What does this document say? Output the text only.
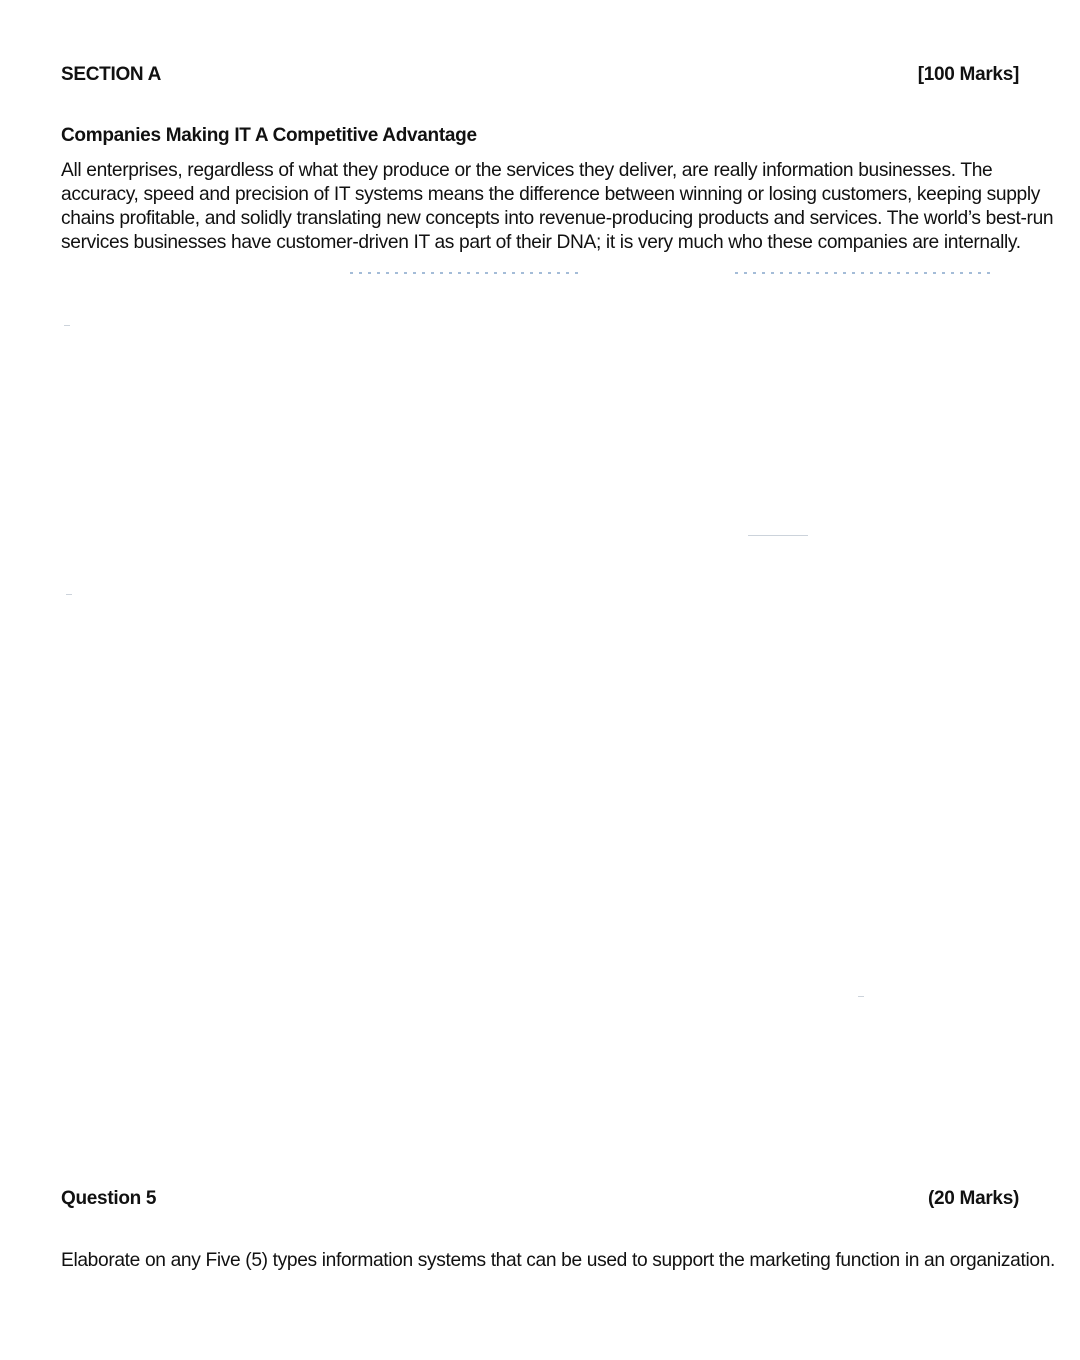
SECTION A	[100 Marks]
Companies Making IT A Competitive Advantage
All enterprises, regardless of what they produce or the services they deliver, are really information businesses. The
accuracy, speed and precision of IT systems means the difference between winning or losing customers, keeping supply
chains profitable, and solidly translating new concepts into revenue-producing products and services. The world’s best-run
services businesses have customer-driven IT as part of their DNA; it is very much who these companies are internally.
Question 5	(20 Marks)
Elaborate on any Five (5) types information systems that can be used to support the marketing function in an organization.
